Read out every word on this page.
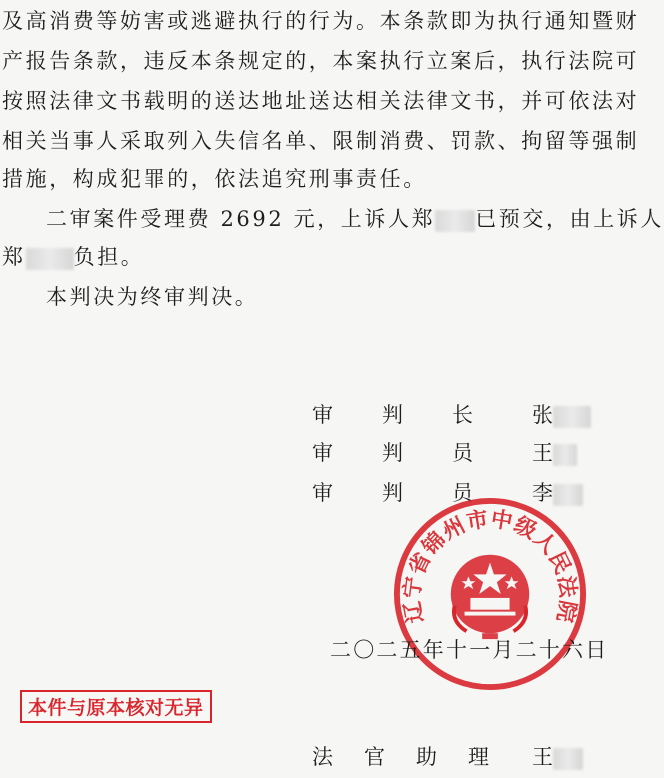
及高消费等妨害或逃避执行的行为。本条款即为执行通知暨财
产报告条款，违反本条规定的，本案执行立案后，执行法院可
按照法律文书载明的送达地址送达相关法律文书，并可依法对
相关当事人采取列入失信名单、限制消费、罚款、拘留等强制
措施，构成犯罪的，依法追究刑事责任。
二审案件受理费 2692 元，上诉人郑 已预交，由上诉人
郑 负担。
本判决为终审判决。
审 判 长	张
审 判 员	王
审 判 员	李
辽宁省锦州市中级人民法院
二〇二五年十一月二十六日
本件与原本核对无异
法 官 助 理 王
